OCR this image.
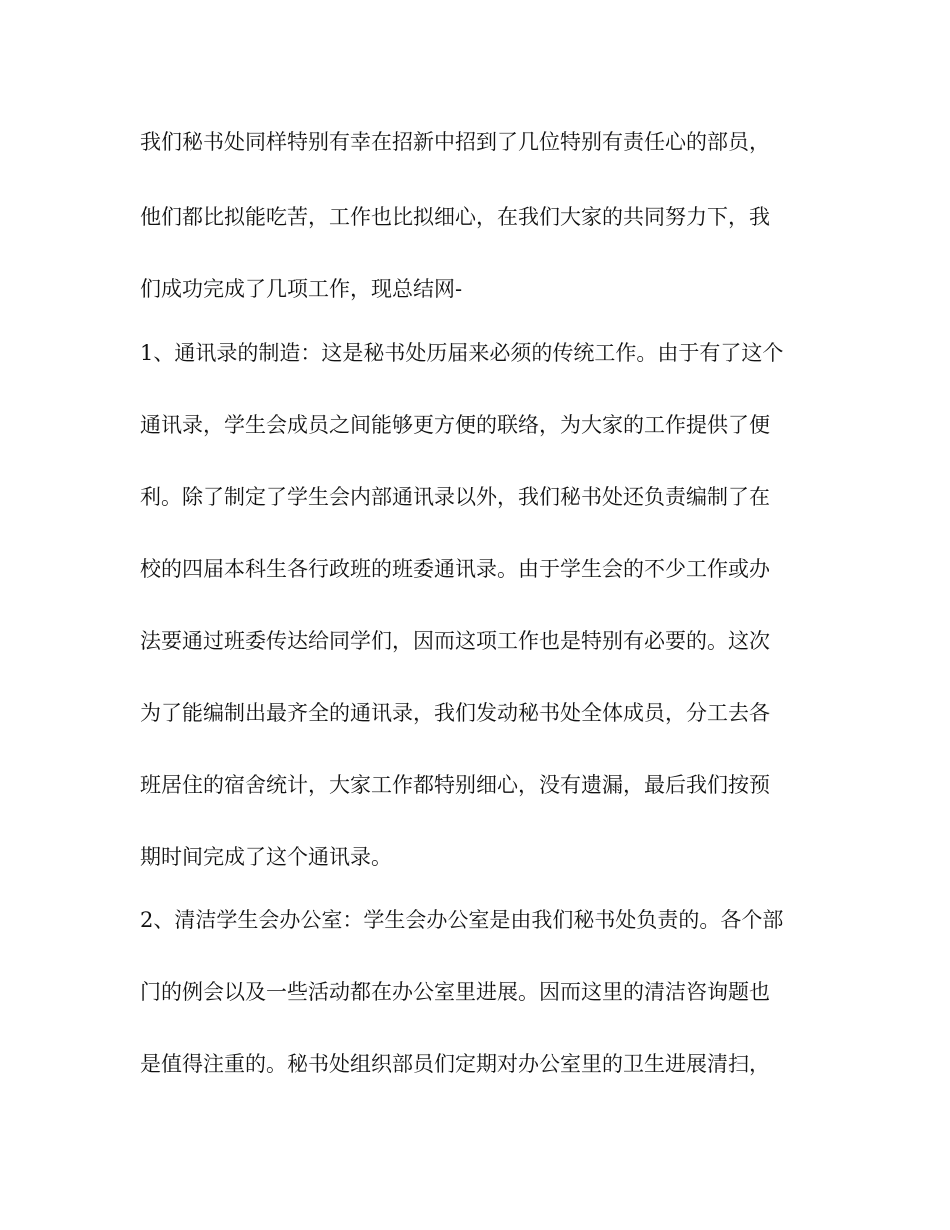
我们秘书处同样特别有幸在招新中招到了几位特别有责任心的部员，
他们都比拟能吃苦，工作也比拟细心，在我们大家的共同努力下，我
们成功完成了几项工作，现总结网-
1、通讯录的制造：这是秘书处历届来必须的传统工作。由于有了这个
通讯录，学生会成员之间能够更方便的联络，为大家的工作提供了便
利。除了制定了学生会内部通讯录以外，我们秘书处还负责编制了在
校的四届本科生各行政班的班委通讯录。由于学生会的不少工作或办
法要通过班委传达给同学们，因而这项工作也是特别有必要的。这次
为了能编制出最齐全的通讯录，我们发动秘书处全体成员，分工去各
班居住的宿舍统计，大家工作都特别细心，没有遗漏，最后我们按预
期时间完成了这个通讯录。
2、清洁学生会办公室：学生会办公室是由我们秘书处负责的。各个部
门的例会以及一些活动都在办公室里进展。因而这里的清洁咨询题也
是值得注重的。秘书处组织部员们定期对办公室里的卫生进展清扫，
